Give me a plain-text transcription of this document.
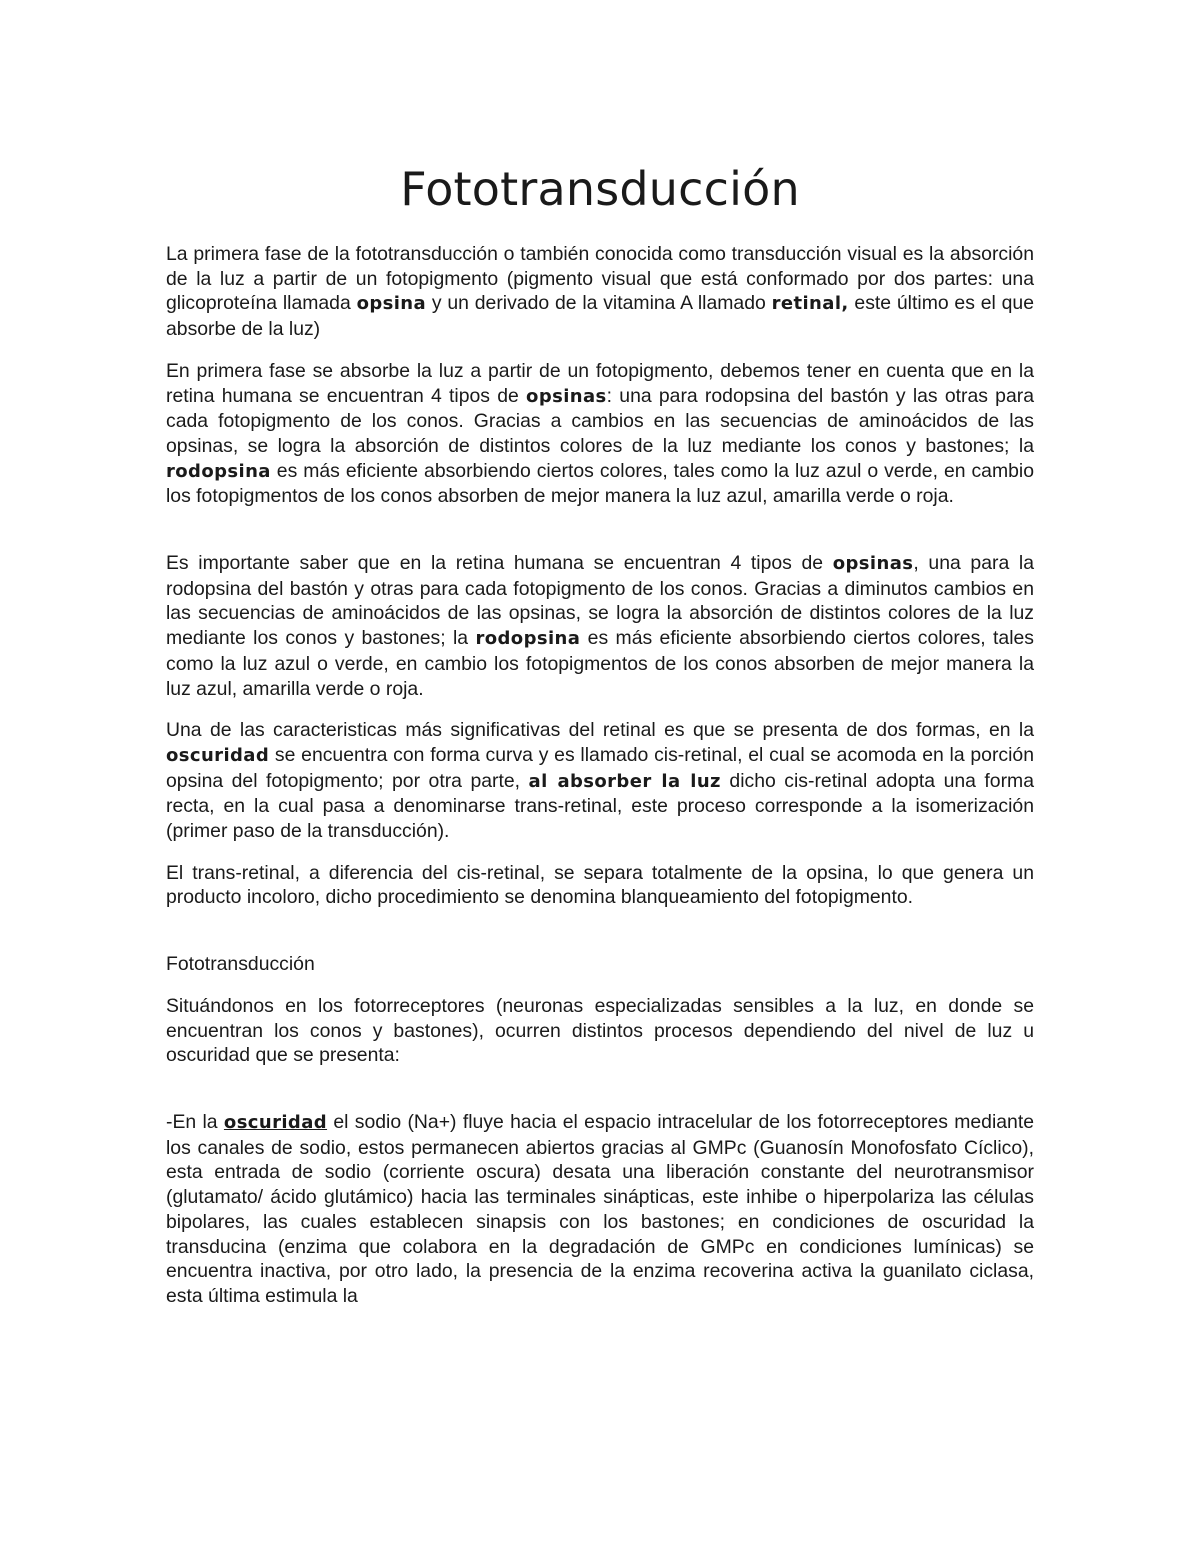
Fototransducción

La primera fase de la fototransducción o también conocida como transducción visual es la absorción de la luz a partir de un fotopigmento (pigmento visual que está conformado por dos partes: una glicoproteína llamada opsina y un derivado de la vitamina A llamado retinal, este último es el que absorbe de la luz)

En primera fase se absorbe la luz a partir de un fotopigmento, debemos tener en cuenta que en la retina humana se encuentran 4 tipos de opsinas: una para rodopsina del bastón y las otras para cada fotopigmento de los conos. Gracias a cambios en las secuencias de aminoácidos de las opsinas, se logra la absorción de distintos colores de la luz mediante los conos y bastones; la rodopsina es más eficiente absorbiendo ciertos colores, tales como la luz azul o verde, en cambio los fotopigmentos de los conos absorben de mejor manera la luz azul, amarilla verde o roja.

Es importante saber que en la retina humana se encuentran 4 tipos de opsinas, una para la rodopsina del bastón y otras para cada fotopigmento de los conos. Gracias a diminutos cambios en las secuencias de aminoácidos de las opsinas, se logra la absorción de distintos colores de la luz mediante los conos y bastones; la rodopsina es más eficiente absorbiendo ciertos colores, tales como la luz azul o verde, en cambio los fotopigmentos de los conos absorben de mejor manera la luz azul, amarilla verde o roja.

Una de las caracteristicas más significativas del retinal es que se presenta de dos formas, en la oscuridad se encuentra con forma curva y es llamado cis-retinal, el cual se acomoda en la porción opsina del fotopigmento; por otra parte, al absorber la luz dicho cis-retinal adopta una forma recta, en la cual pasa a denominarse trans-retinal, este proceso corresponde a la isomerización (primer paso de la transducción).

El trans-retinal, a diferencia del cis-retinal, se separa totalmente de la opsina, lo que genera un producto incoloro, dicho procedimiento se denomina blanqueamiento del fotopigmento.

Fototransducción

Situándonos en los fotorreceptores (neuronas especializadas sensibles a la luz, en donde se encuentran los conos y bastones), ocurren distintos procesos dependiendo del nivel de luz u oscuridad que se presenta:

-En la oscuridad el sodio (Na+) fluye hacia el espacio intracelular de los fotorreceptores mediante los canales de sodio, estos permanecen abiertos gracias al GMPc (Guanosín Monofosfato Cíclico), esta entrada de sodio (corriente oscura) desata una liberación constante del neurotransmisor (glutamato/ ácido glutámico) hacia las terminales sinápticas, este inhibe o hiperpolariza las células bipolares, las cuales establecen sinapsis con los bastones; en condiciones de oscuridad la transducina (enzima que colabora en la degradación de GMPc en condiciones lumínicas) se encuentra inactiva, por otro lado, la presencia de la enzima recoverina activa la guanilato ciclasa, esta última estimula la
